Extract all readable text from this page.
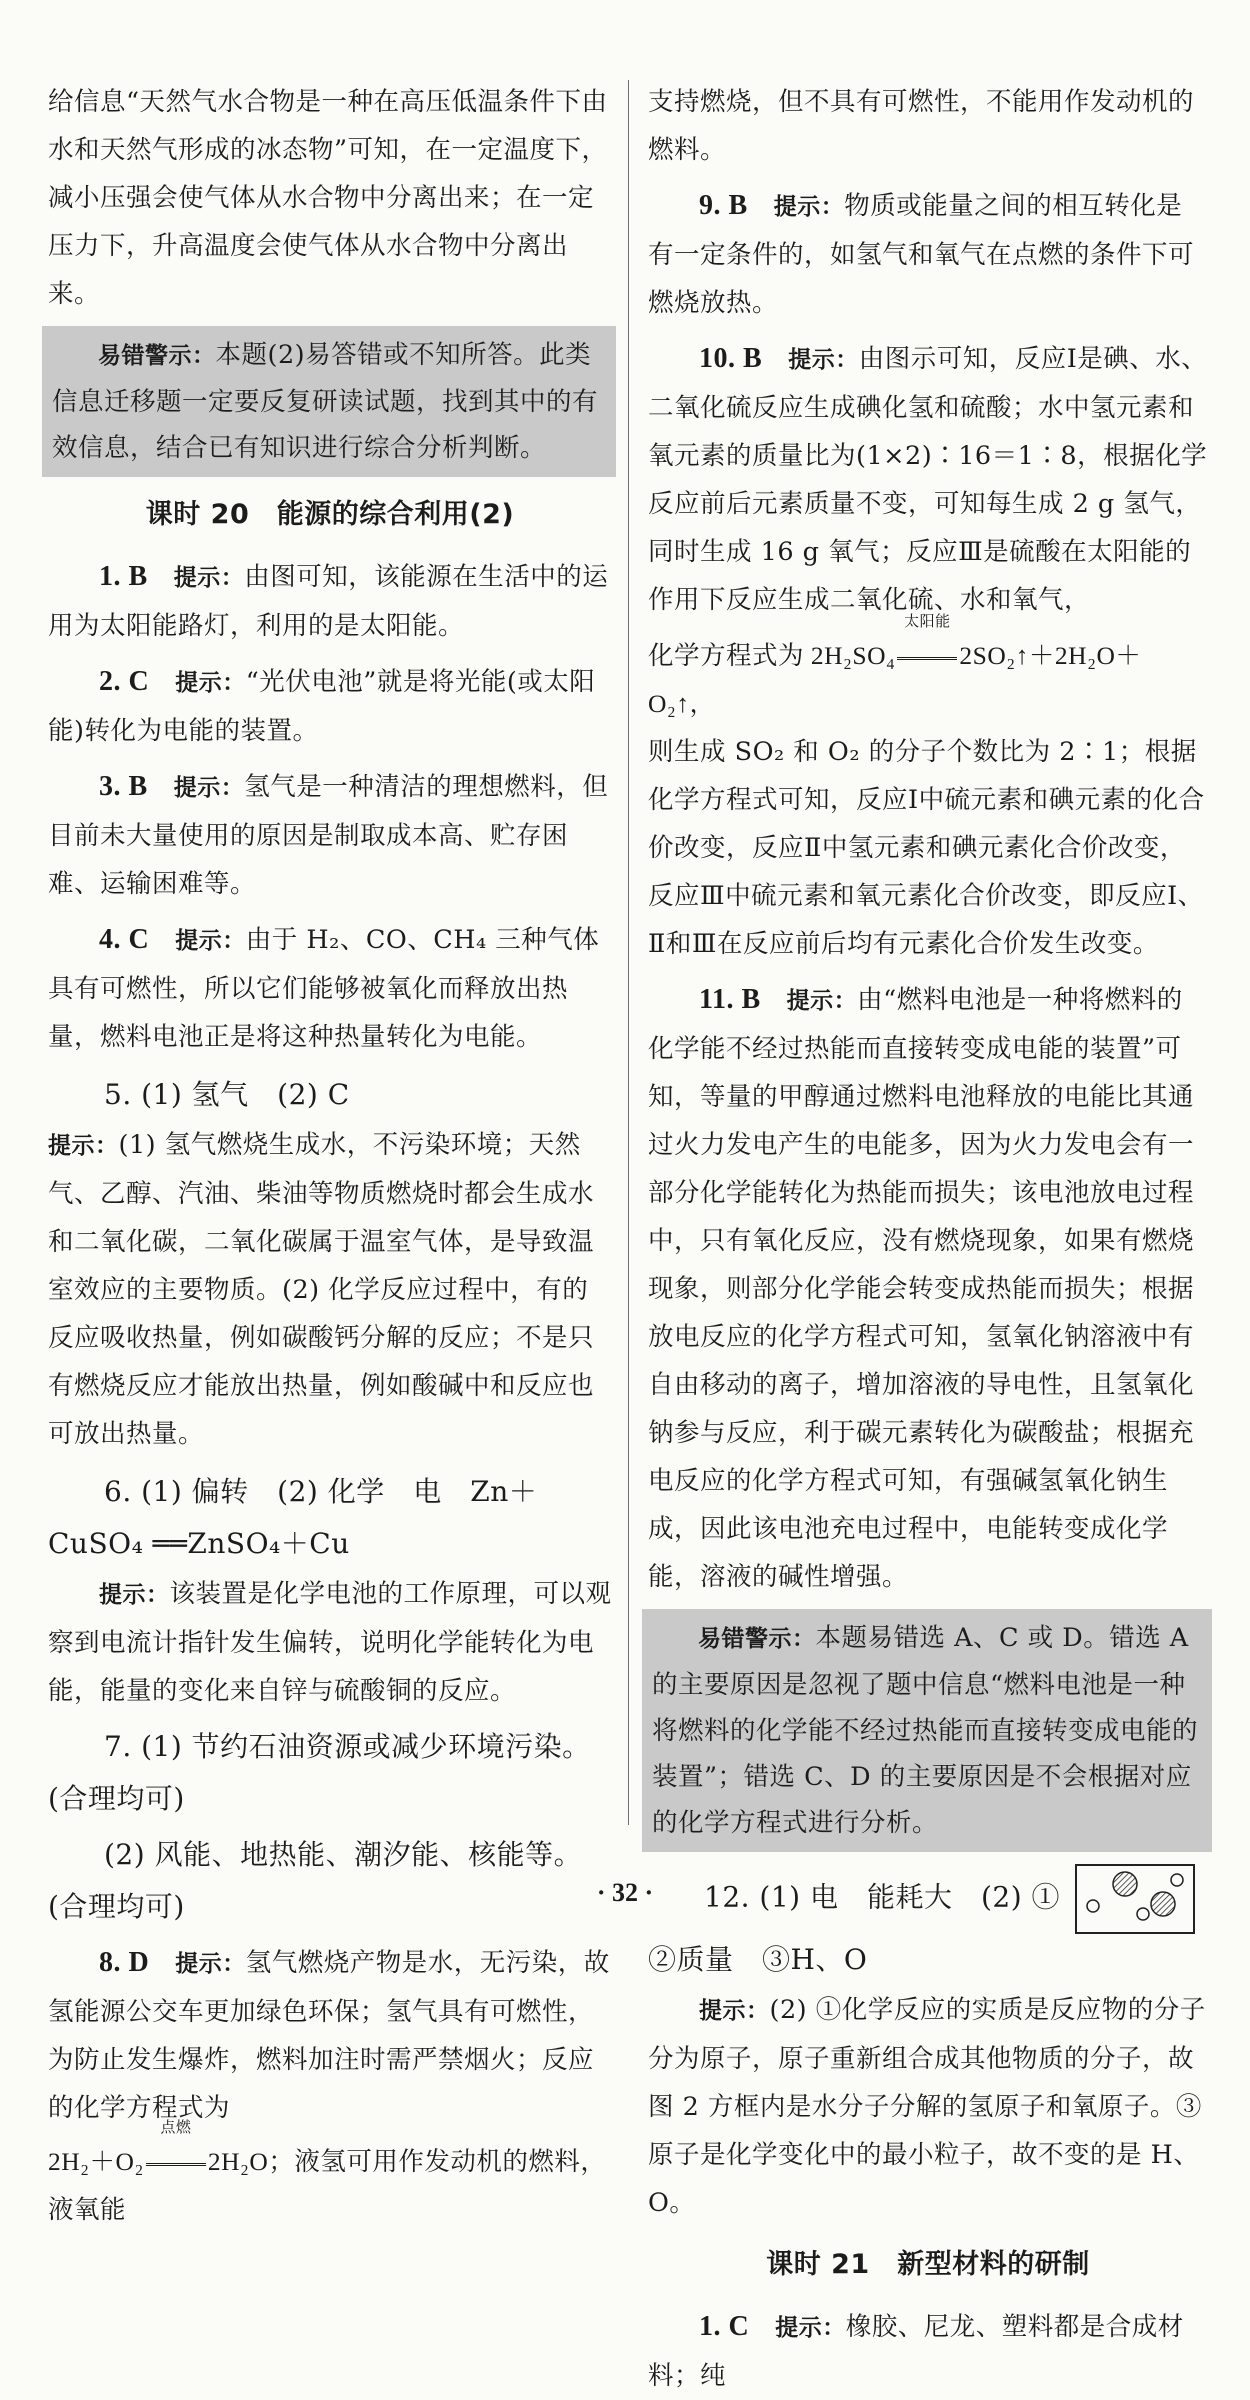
给信息“天然气水合物是一种在高压低温条件下由水和天然气形成的冰态物”可知，在一定温度下，减小压强会使气体从水合物中分离出来；在一定压力下，升高温度会使气体从水合物中分离出来。

易错警示：本题(2)易答错或不知所答。此类信息迁移题一定要反复研读试题，找到其中的有效信息，结合已有知识进行综合分析判断。
课时 20　能源的综合利用(2)

1. B　 提示：由图可知，该能源在生活中的运用为太阳能路灯，利用的是太阳能。

2. C　 提示：“光伏电池”就是将光能(或太阳能)转化为电能的装置。

3. B　 提示：氢气是一种清洁的理想燃料，但目前未大量使用的原因是制取成本高、贮存困难、运输困难等。

4. C　 提示：由于 H₂、CO、CH₄ 三种气体具有可燃性，所以它们能够被氧化而释放出热量，燃料电池正是将这种热量转化为电能。

5. (1) 氢气　(2) C

提示：(1) 氢气燃烧生成水，不污染环境；天然气、乙醇、汽油、柴油等物质燃烧时都会生成水和二氧化碳，二氧化碳属于温室气体，是导致温室效应的主要物质。(2) 化学反应过程中，有的反应吸收热量，例如碳酸钙分解的反应；不是只有燃烧反应才能放出热量，例如酸碱中和反应也可放出热量。

6. (1) 偏转　(2) 化学　电　Zn＋

CuSO₄ ══ZnSO₄＋Cu

提示：该装置是化学电池的工作原理，可以观察到电流计指针发生偏转，说明化学能转化为电能，能量的变化来自锌与硫酸铜的反应。

7. (1) 节约石油资源或减少环境污染。(合理均可)

(2) 风能、地热能、潮汐能、核能等。(合理均可)

8. D　 提示：氢气燃烧产物是水，无污染，故氢能源公交车更加绿色环保；氢气具有可燃性，为防止发生爆炸，燃料加注时需严禁烟火；反应的化学方程式为

2H₂＋O₂
点燃
2H₂O；液氢可用作发动机的燃料，液氧能

支持燃烧，但不具有可燃性，不能用作发动机的燃料。

9. B　 提示：物质或能量之间的相互转化是有一定条件的，如氢气和氧气在点燃的条件下可燃烧放热。

10. B　 提示：由图示可知，反应Ⅰ是碘、水、二氧化硫反应生成碘化氢和硫酸；水中氢元素和氧元素的质量比为(1×2)∶16＝1∶8，根据化学反应前后元素质量不变，可知每生成 2 g 氢气，同时生成 16 g 氧气；反应Ⅲ是硫酸在太阳能的作用下反应生成二氧化硫、水和氧气，

化学方程式为 2H₂SO₄
太阳能
2SO₂↑＋2H₂O＋O₂↑，

则生成 SO₂ 和 O₂ 的分子个数比为 2∶1；根据化学方程式可知，反应Ⅰ中硫元素和碘元素的化合价改变，反应Ⅱ中氢元素和碘元素化合价改变，反应Ⅲ中硫元素和氧元素化合价改变，即反应Ⅰ、Ⅱ和Ⅲ在反应前后均有元素化合价发生改变。

11. B　 提示：由“燃料电池是一种将燃料的化学能不经过热能而直接转变成电能的装置”可知，等量的甲醇通过燃料电池释放的电能比其通过火力发电产生的电能多，因为火力发电会有一部分化学能转化为热能而损失；该电池放电过程中，只有氧化反应，没有燃烧现象，如果有燃烧现象，则部分化学能会转变成热能而损失；根据放电反应的化学方程式可知，氢氧化钠溶液中有自由移动的离子，增加溶液的导电性，且氢氧化钠参与反应，利于碳元素转化为碳酸盐；根据充电反应的化学方程式可知，有强碱氢氧化钠生成，因此该电池充电过程中，电能转变成化学能，溶液的碱性增强。

易错警示：本题易错选 A、C 或 D。错选 A 的主要原因是忽视了题中信息“燃料电池是一种将燃料的化学能不经过热能而直接转变成电能的装置”；错选 C、D 的主要原因是不会根据对应的化学方程式进行分析。

12. (1) 电　能耗大　(2) ①

②质量　③H、O

提示：(2) ①化学反应的实质是反应物的分子分为原子，原子重新组合成其他物质的分子，故图 2 方框内是水分子分解的氢原子和氧原子。③原子是化学变化中的最小粒子，故不变的是 H、O。

课时 21　新型材料的研制

1. C　 提示：橡胶、尼龙、塑料都是合成材料；纯

· 32 ·
